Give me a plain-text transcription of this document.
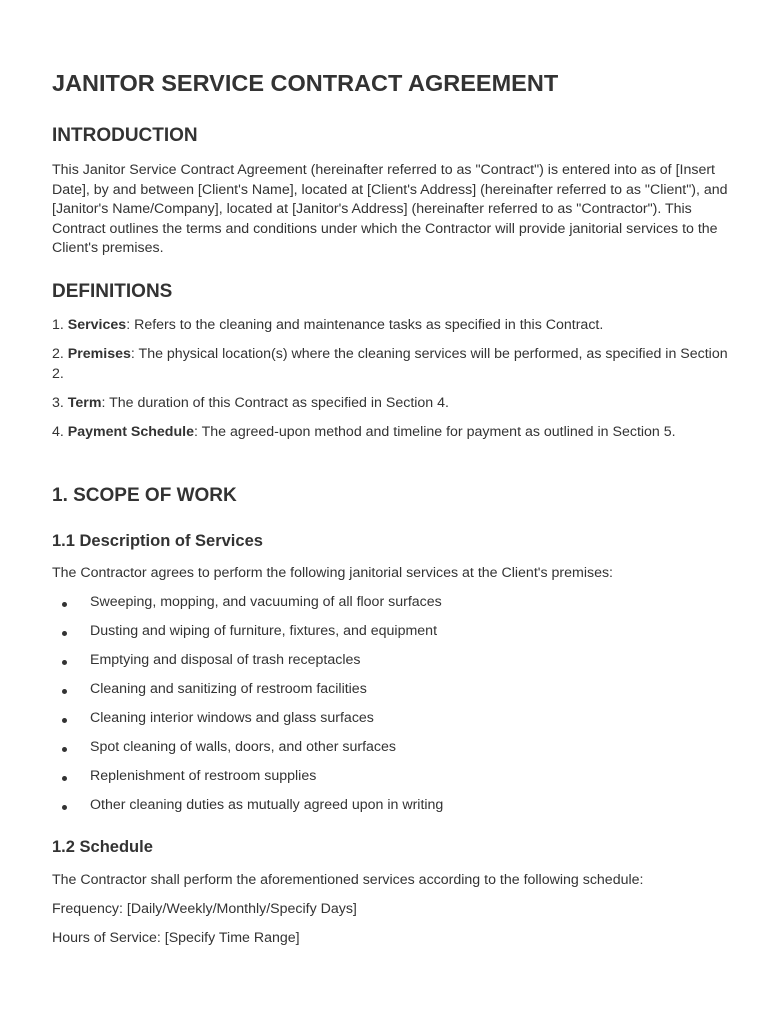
JANITOR SERVICE CONTRACT AGREEMENT
INTRODUCTION

This Janitor Service Contract Agreement (hereinafter referred to as "Contract") is entered into as of [Insert Date], by and between [Client's Name], located at [Client's Address] (hereinafter referred to as "Client"), and [Janitor's Name/Company], located at [Janitor's Address] (hereinafter referred to as "Contractor"). This Contract outlines the terms and conditions under which the Contractor will provide janitorial services to the Client's premises.

DEFINITIONS

1. Services: Refers to the cleaning and maintenance tasks as specified in this Contract.

2. Premises: The physical location(s) where the cleaning services will be performed, as specified in Section 2.

3. Term: The duration of this Contract as specified in Section 4.

4. Payment Schedule: The agreed-upon method and timeline for payment as outlined in Section 5.

1. SCOPE OF WORK
1.1 Description of Services

The Contractor agrees to perform the following janitorial services at the Client's premises:

Sweeping, mopping, and vacuuming of all floor surfaces
Dusting and wiping of furniture, fixtures, and equipment
Emptying and disposal of trash receptacles
Cleaning and sanitizing of restroom facilities
Cleaning interior windows and glass surfaces
Spot cleaning of walls, doors, and other surfaces
Replenishment of restroom supplies
Other cleaning duties as mutually agreed upon in writing
1.2 Schedule

The Contractor shall perform the aforementioned services according to the following schedule:

Frequency: [Daily/Weekly/Monthly/Specify Days]

Hours of Service: [Specify Time Range]
